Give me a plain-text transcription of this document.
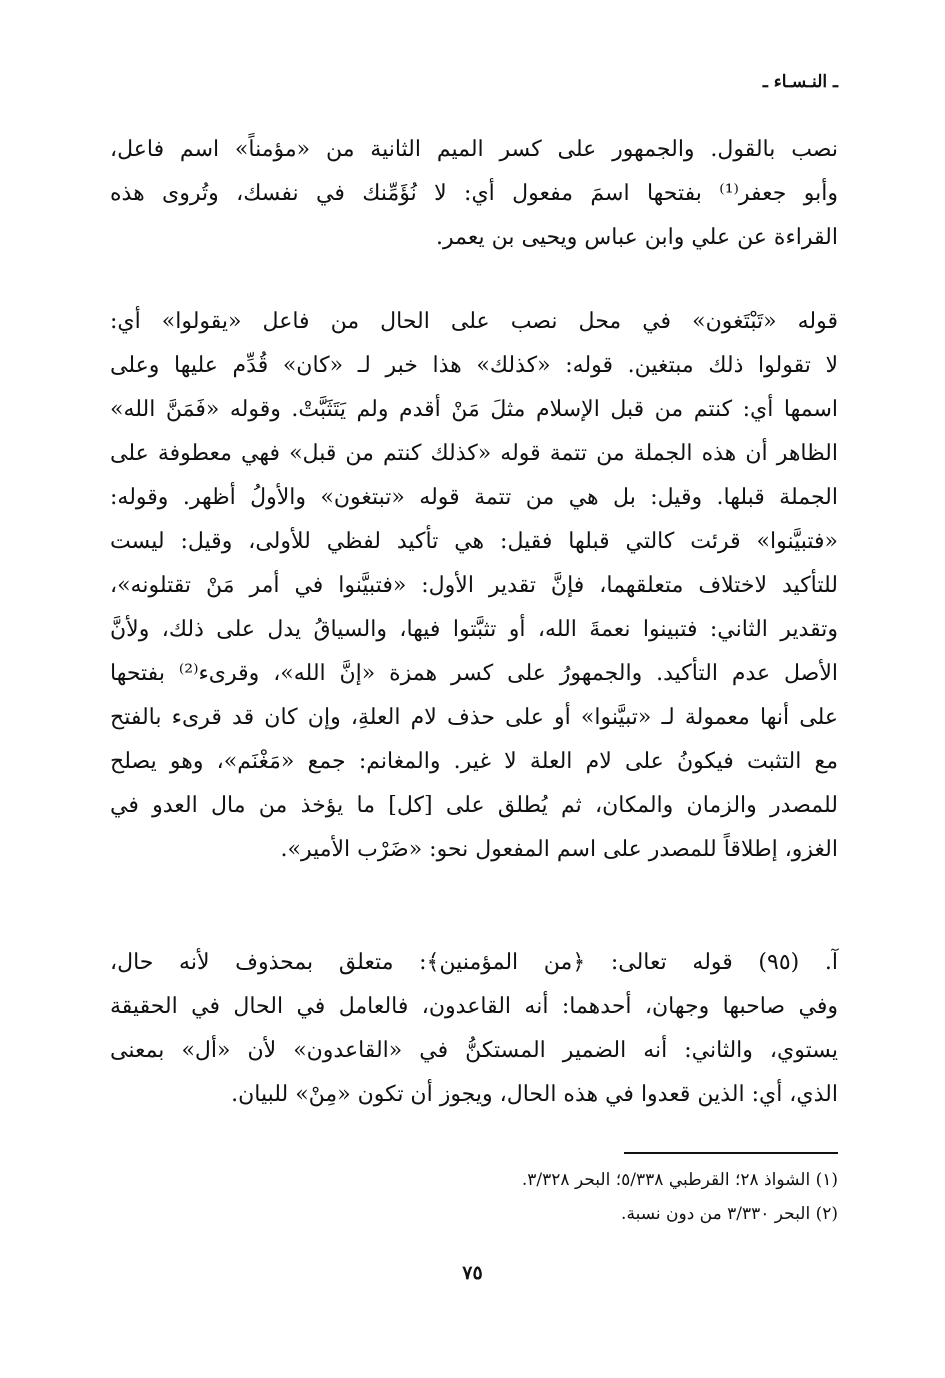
ـ النـسـاء ـ
نصب بالقول. والجمهور على كسر الميم الثانية من «مؤمناً» اسم فاعل،
وأبو جعفر⁽¹⁾ بفتحها اسمَ مفعول أي: لا نُؤَمِّنك في نفسك، وتُروى هذه
القراءة عن علي وابن عباس ويحيى بن يعمر.
قوله «تَبْتَغون» في محل نصب على الحال من فاعل «يقولوا» أي:
لا تقولوا ذلك مبتغين. قوله: «كذلك» هذا خبر لـ «كان» قُدِّم عليها وعلى
اسمها أي: كنتم من قبل الإسلام مثلَ مَنْ أقدم ولم يَتَثَبَّتْ. وقوله «فَمَنَّ الله»
الظاهر أن هذه الجملة من تتمة قوله «كذلك كنتم من قبل» فهي معطوفة على
الجملة قبلها. وقيل: بل هي من تتمة قوله «تبتغون» والأولُ أظهر. وقوله:
«فتبيَّنوا» قرئت كالتي قبلها فقيل: هي تأكيد لفظي للأولى، وقيل: ليست
للتأكيد لاختلاف متعلقهما، فإنَّ تقدير الأول: «فتبيَّنوا في أمر مَنْ تقتلونه»،
وتقدير الثاني: فتبينوا نعمةَ الله، أو تثبَّتوا فيها، والسياقُ يدل على ذلك، ولأنَّ
الأصل عدم التأكيد. والجمهورُ على كسر همزة «إنَّ الله»، وقرىء⁽²⁾ بفتحها
على أنها معمولة لـ «تبيَّنوا» أو على حذف لام العلةِ، وإن كان قد قرىء بالفتح
مع التثبت فيكونُ على لام العلة لا غير. والمغانم: جمع «مَغْنَم»، وهو يصلح
للمصدر والزمان والمكان، ثم يُطلق على [كل] ما يؤخذ من مال العدو في
الغزو، إطلاقاً للمصدر على اسم المفعول نحو: «ضَرْب الأمير».
آ. (٩٥) قوله تعالى: ﴿من المؤمنين﴾: متعلق بمحذوف لأنه حال،
وفي صاحبها وجهان، أحدهما: أنه القاعدون، فالعامل في الحال في الحقيقة
يستوي، والثاني: أنه الضمير المستكنُّ في «القاعدون» لأن «أل» بمعنى
الذي، أي: الذين قعدوا في هذه الحال، ويجوز أن تكون «مِنْ» للبيان.
(١) الشواذ ٢٨؛ القرطبي ٥/٣٣٨؛ البحر ٣/٣٢٨.
(٢) البحر ٣/٣٣٠ من دون نسبة.
٧٥
